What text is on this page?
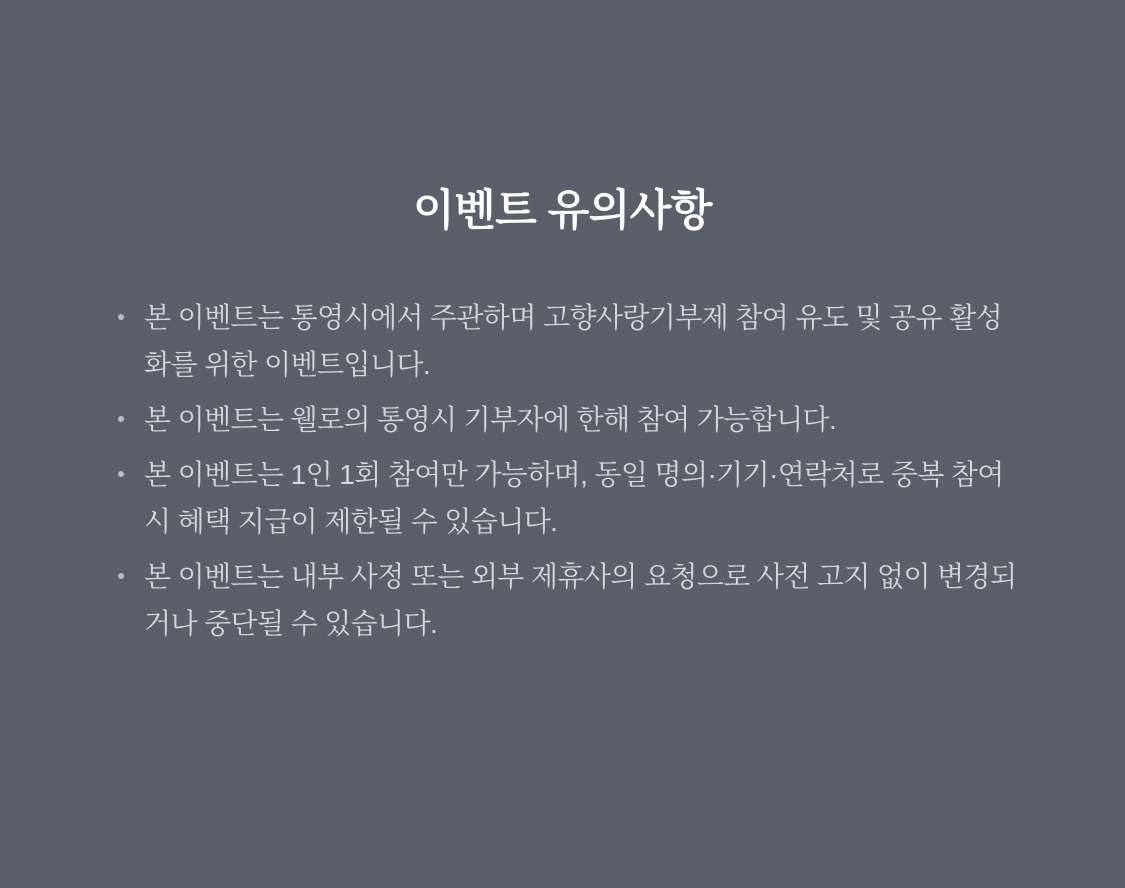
이벤트 유의사항
본 이벤트는 통영시에서 주관하며 고향사랑기부제 참여 유도 및 공유 활성화를 위한 이벤트입니다.
본 이벤트는 웰로의 통영시 기부자에 한해 참여 가능합니다.
본 이벤트는 1인 1회 참여만 가능하며, 동일 명의·기기·연락처로 중복 참여 시 혜택 지급이 제한될 수 있습니다.
본 이벤트는 내부 사정 또는 외부 제휴사의 요청으로 사전 고지 없이 변경되거나 중단될 수 있습니다.
